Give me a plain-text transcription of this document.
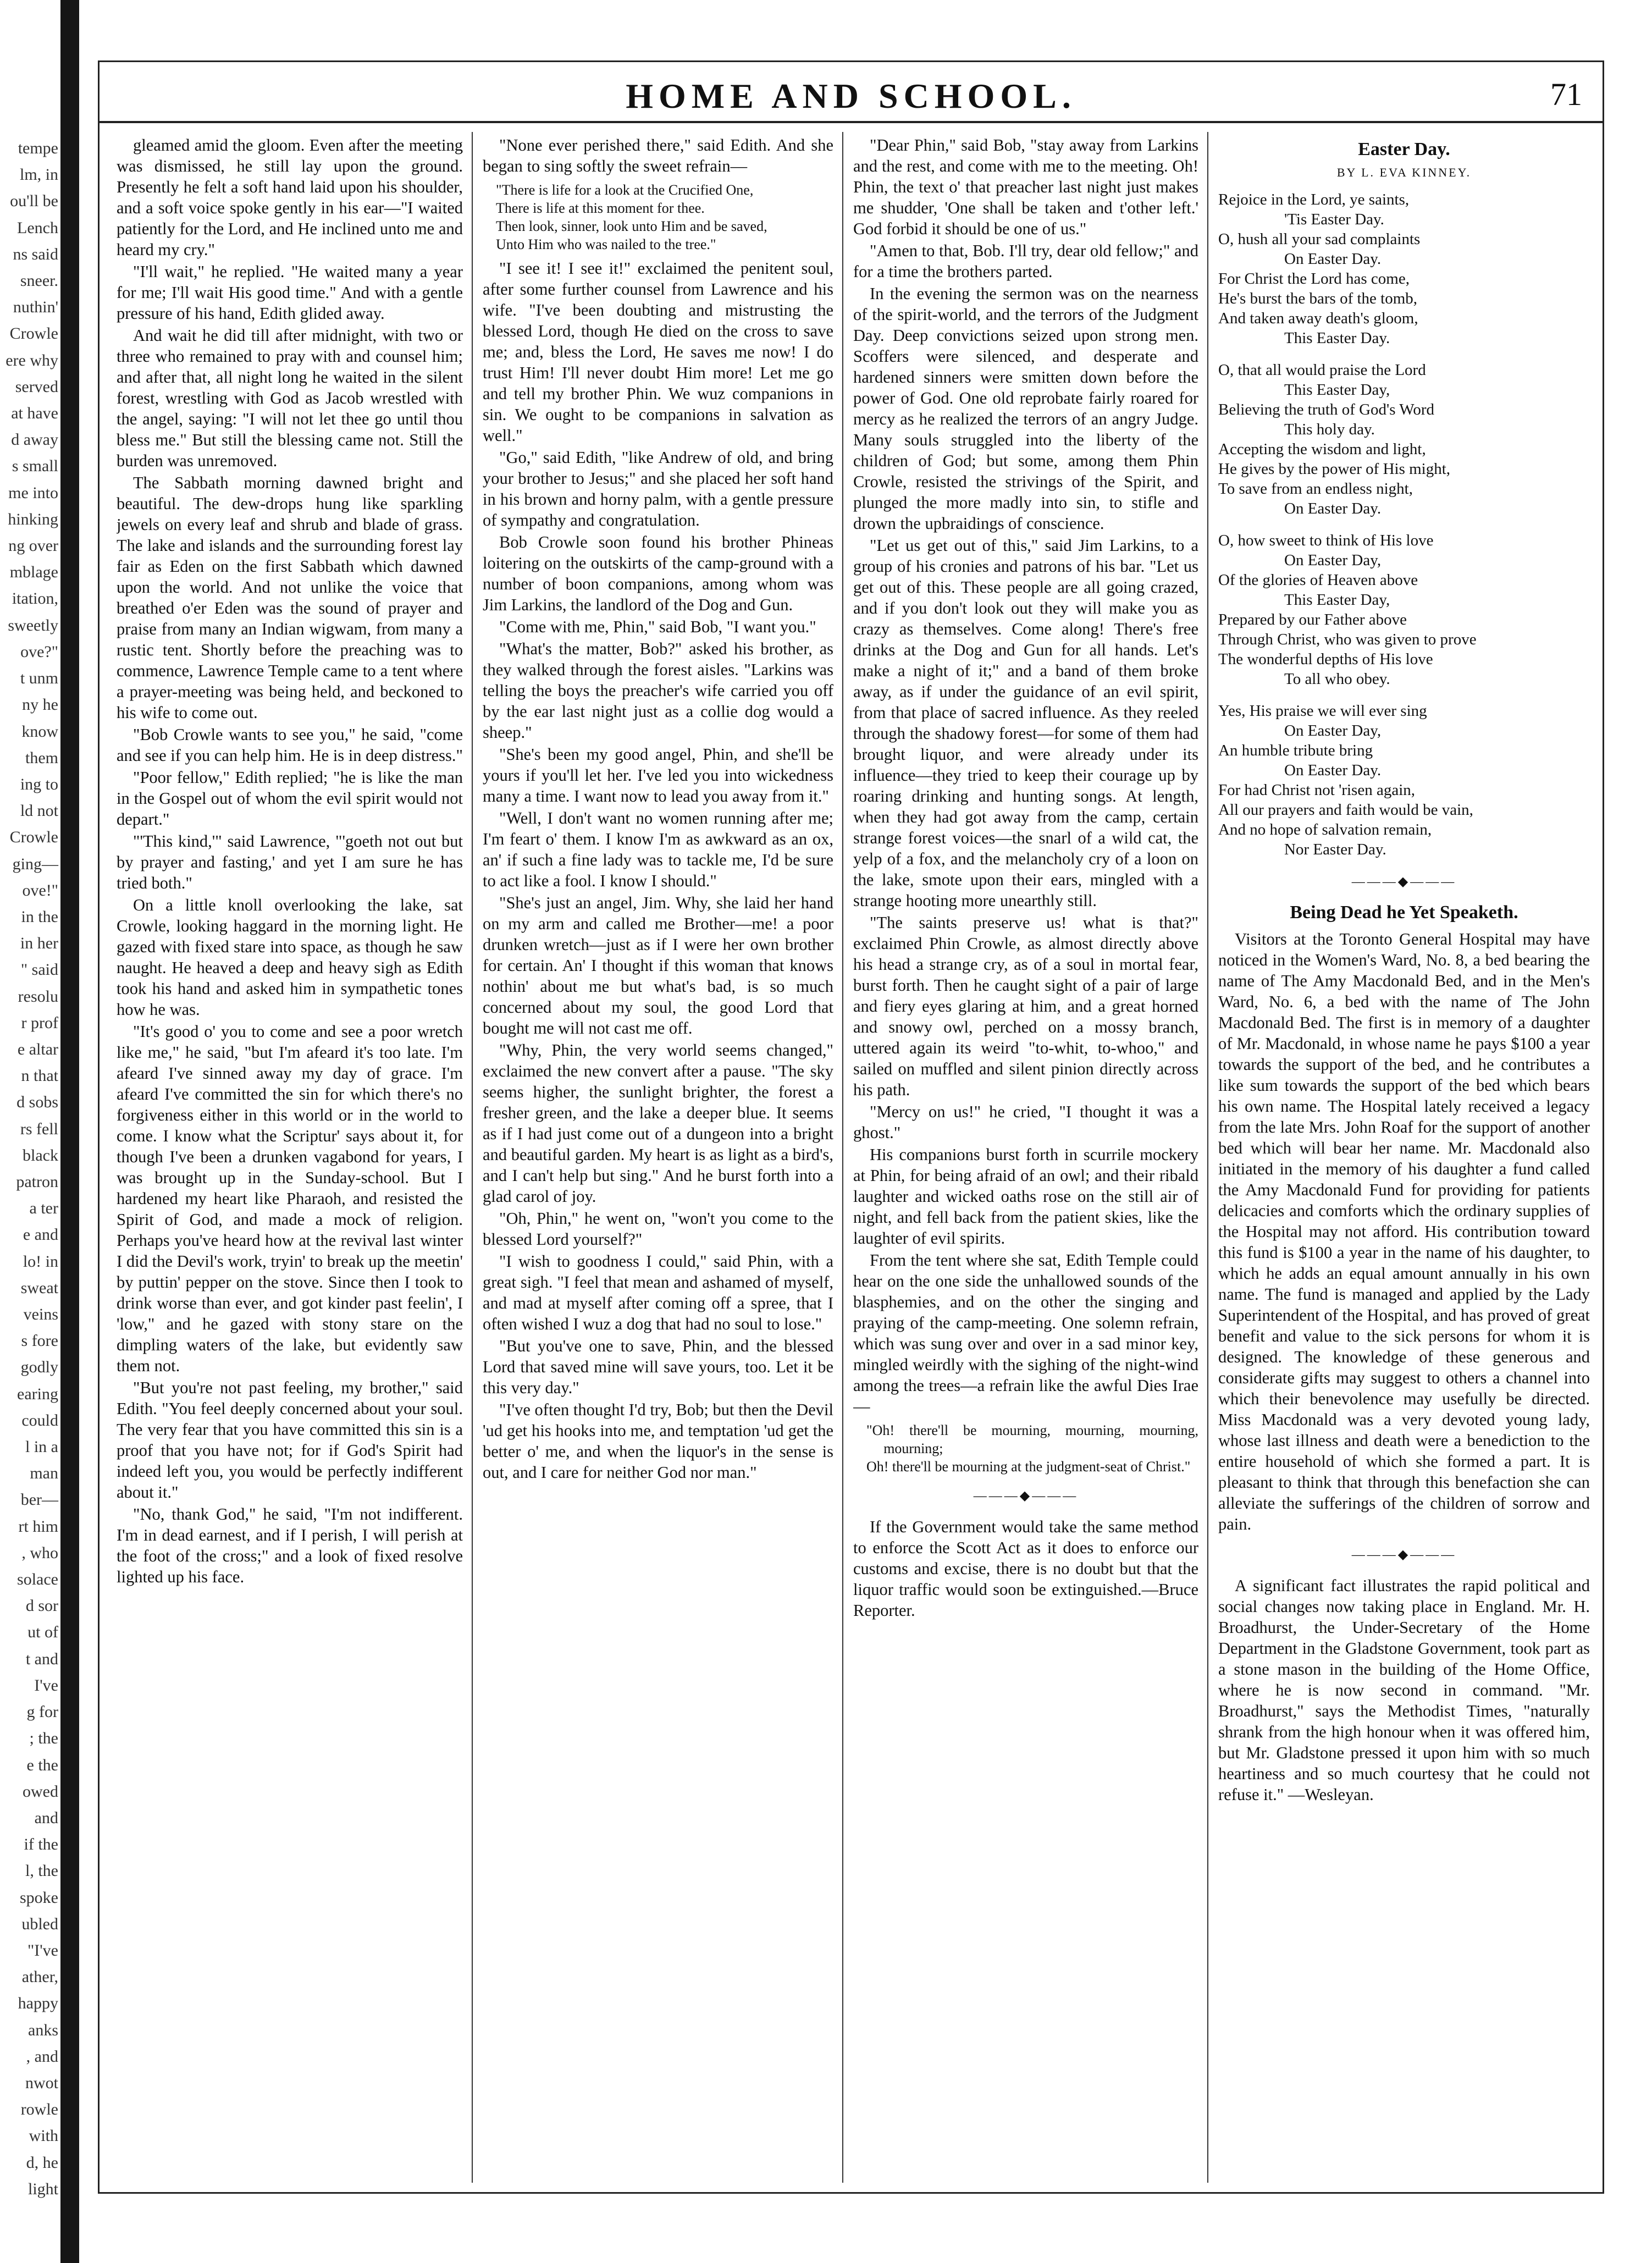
tempe
lm, in
ou'll be
Lench
ns said
sneer.
nuthin'
Crowle
ere why
served
at have
d away
s small
me into
hinking
ng over
mblage
itation,
sweetly
ove?"
t unm
ny he
know
them
ing to
ld not
Crowle
ging—
ove!"
in the
in her
" said
resolu
r prof
e altar
n that
d sobs
rs fell
black
patron
a ter
e and
lo! in
sweat
veins
s fore
godly
earing
could
l in a
man
ber—
rt him
, who
solace
d sor
ut of
t and
I've
g for
; the
e the
owed
and
if the
l, the
spoke
ubled
"I've
ather,
happy
anks
, and
nwot
rowle
with
d, he
light
HOME AND SCHOOL.	71

gleamed amid the gloom. Even after the meeting was dismissed, he still lay upon the ground. Presently he felt a soft hand laid upon his shoulder, and a soft voice spoke gently in his ear—"I waited patiently for the Lord, and He inclined unto me and heard my cry."

"I'll wait," he replied. "He waited many a year for me; I'll wait His good time." And with a gentle pressure of his hand, Edith glided away.

And wait he did till after midnight, with two or three who remained to pray with and counsel him; and after that, all night long he waited in the silent forest, wrestling with God as Jacob wrestled with the angel, saying: "I will not let thee go until thou bless me." But still the blessing came not. Still the burden was unremoved.

The Sabbath morning dawned bright and beautiful. The dew-drops hung like sparkling jewels on every leaf and shrub and blade of grass. The lake and islands and the surrounding forest lay fair as Eden on the first Sabbath which dawned upon the world. And not unlike the voice that breathed o'er Eden was the sound of prayer and praise from many an Indian wigwam, from many a rustic tent. Shortly before the preaching was to commence, Lawrence Temple came to a tent where a prayer-meeting was being held, and beckoned to his wife to come out.

"Bob Crowle wants to see you," he said, "come and see if you can help him. He is in deep distress."

"Poor fellow," Edith replied; "he is like the man in the Gospel out of whom the evil spirit would not depart."

"'This kind,'" said Lawrence, "'goeth not out but by prayer and fasting,' and yet I am sure he has tried both."

On a little knoll overlooking the lake, sat Crowle, looking haggard in the morning light. He gazed with fixed stare into space, as though he saw naught. He heaved a deep and heavy sigh as Edith took his hand and asked him in sympathetic tones how he was.

"It's good o' you to come and see a poor wretch like me," he said, "but I'm afeard it's too late. I'm afeard I've sinned away my day of grace. I'm afeard I've committed the sin for which there's no forgiveness either in this world or in the world to come. I know what the Scriptur' says about it, for though I've been a drunken vagabond for years, I was brought up in the Sunday-school. But I hardened my heart like Pharaoh, and resisted the Spirit of God, and made a mock of religion. Perhaps you've heard how at the revival last winter I did the Devil's work, tryin' to break up the meetin' by puttin' pepper on the stove. Since then I took to drink worse than ever, and got kinder past feelin', I 'low," and he gazed with stony stare on the dimpling waters of the lake, but evidently saw them not.

"But you're not past feeling, my brother," said Edith. "You feel deeply concerned about your soul. The very fear that you have committed this sin is a proof that you have not; for if God's Spirit had indeed left you, you would be perfectly indifferent about it."

"No, thank God," he said, "I'm not indifferent. I'm in dead earnest, and if I perish, I will perish at the foot of the cross;" and a look of fixed resolve lighted up his face.

"None ever perished there," said Edith. And she began to sing softly the sweet refrain—

"There is life for a look at the Crucified One,
There is life at this moment for thee.
Then look, sinner, look unto Him and be saved,
Unto Him who was nailed to the tree."

"I see it! I see it!" exclaimed the penitent soul, after some further counsel from Lawrence and his wife. "I've been doubting and mistrusting the blessed Lord, though He died on the cross to save me; and, bless the Lord, He saves me now! I do trust Him! I'll never doubt Him more! Let me go and tell my brother Phin. We wuz companions in sin. We ought to be companions in salvation as well."

"Go," said Edith, "like Andrew of old, and bring your brother to Jesus;" and she placed her soft hand in his brown and horny palm, with a gentle pressure of sympathy and congratulation.

Bob Crowle soon found his brother Phineas loitering on the outskirts of the camp-ground with a number of boon companions, among whom was Jim Larkins, the landlord of the Dog and Gun.

"Come with me, Phin," said Bob, "I want you."

"What's the matter, Bob?" asked his brother, as they walked through the forest aisles. "Larkins was telling the boys the preacher's wife carried you off by the ear last night just as a collie dog would a sheep."

"She's been my good angel, Phin, and she'll be yours if you'll let her. I've led you into wickedness many a time. I want now to lead you away from it."

"Well, I don't want no women running after me; I'm feart o' them. I know I'm as awkward as an ox, an' if such a fine lady was to tackle me, I'd be sure to act like a fool. I know I should."

"She's just an angel, Jim. Why, she laid her hand on my arm and called me Brother—me! a poor drunken wretch—just as if I were her own brother for certain. An' I thought if this woman that knows nothin' about me but what's bad, is so much concerned about my soul, the good Lord that bought me will not cast me off.

"Why, Phin, the very world seems changed," exclaimed the new convert after a pause. "The sky seems higher, the sunlight brighter, the forest a fresher green, and the lake a deeper blue. It seems as if I had just come out of a dungeon into a bright and beautiful garden. My heart is as light as a bird's, and I can't help but sing." And he burst forth into a glad carol of joy.

"Oh, Phin," he went on, "won't you come to the blessed Lord yourself?"

"I wish to goodness I could," said Phin, with a great sigh. "I feel that mean and ashamed of myself, and mad at myself after coming off a spree, that I often wished I wuz a dog that had no soul to lose."

"But you've one to save, Phin, and the blessed Lord that saved mine will save yours, too. Let it be this very day."

"I've often thought I'd try, Bob; but then the Devil 'ud get his hooks into me, and temptation 'ud get the better o' me, and when the liquor's in the sense is out, and I care for neither God nor man."

"Dear Phin," said Bob, "stay away from Larkins and the rest, and come with me to the meeting. Oh! Phin, the text o' that preacher last night just makes me shudder, 'One shall be taken and t'other left.' God forbid it should be one of us."

"Amen to that, Bob. I'll try, dear old fellow;" and for a time the brothers parted.

In the evening the sermon was on the nearness of the spirit-world, and the terrors of the Judgment Day. Deep convictions seized upon strong men. Scoffers were silenced, and desperate and hardened sinners were smitten down before the power of God. One old reprobate fairly roared for mercy as he realized the terrors of an angry Judge. Many souls struggled into the liberty of the children of God; but some, among them Phin Crowle, resisted the strivings of the Spirit, and plunged the more madly into sin, to stifle and drown the upbraidings of conscience.

"Let us get out of this," said Jim Larkins, to a group of his cronies and patrons of his bar. "Let us get out of this. These people are all going crazed, and if you don't look out they will make you as crazy as themselves. Come along! There's free drinks at the Dog and Gun for all hands. Let's make a night of it;" and a band of them broke away, as if under the guidance of an evil spirit, from that place of sacred influence. As they reeled through the shadowy forest—for some of them had brought liquor, and were already under its influence—they tried to keep their courage up by roaring drinking and hunting songs. At length, when they had got away from the camp, certain strange forest voices—the snarl of a wild cat, the yelp of a fox, and the melancholy cry of a loon on the lake, smote upon their ears, mingled with a strange hooting more unearthly still.

"The saints preserve us! what is that?" exclaimed Phin Crowle, as almost directly above his head a strange cry, as of a soul in mortal fear, burst forth. Then he caught sight of a pair of large and fiery eyes glaring at him, and a great horned and snowy owl, perched on a mossy branch, uttered again its weird "to-whit, to-whoo," and sailed on muffled and silent pinion directly across his path.

"Mercy on us!" he cried, "I thought it was a ghost."

His companions burst forth in scurrile mockery at Phin, for being afraid of an owl; and their ribald laughter and wicked oaths rose on the still air of night, and fell back from the patient skies, like the laughter of evil spirits.

From the tent where she sat, Edith Temple could hear on the one side the unhallowed sounds of the blasphemies, and on the other the singing and praying of the camp-meeting. One solemn refrain, which was sung over and over in a sad minor key, mingled weirdly with the sighing of the night-wind among the trees—a refrain like the awful Dies Irae—

"Oh! there'll be mourning, mourning, mourning, mourning;
Oh! there'll be mourning at the judgment-seat of Christ."
———◆———

If the Government would take the same method to enforce the Scott Act as it does to enforce our customs and excise, there is no doubt but that the liquor traffic would soon be extinguished.—Bruce Reporter.

Easter Day.
BY L. EVA KINNEY.
Rejoice in the Lord, ye saints,
'Tis Easter Day.
O, hush all your sad complaints
On Easter Day.
For Christ the Lord has come,
He's burst the bars of the tomb,
And taken away death's gloom,
This Easter Day.
O, that all would praise the Lord
This Easter Day,
Believing the truth of God's Word
This holy day.
Accepting the wisdom and light,
He gives by the power of His might,
To save from an endless night,
On Easter Day.
O, how sweet to think of His love
On Easter Day,
Of the glories of Heaven above
This Easter Day,
Prepared by our Father above
Through Christ, who was given to prove
The wonderful depths of His love
To all who obey.
Yes, His praise we will ever sing
On Easter Day,
An humble tribute bring
On Easter Day.
For had Christ not 'risen again,
All our prayers and faith would be vain,
And no hope of salvation remain,
Nor Easter Day.
———◆———
Being Dead he Yet Speaketh.

Visitors at the Toronto General Hospital may have noticed in the Women's Ward, No. 8, a bed bearing the name of The Amy Macdonald Bed, and in the Men's Ward, No. 6, a bed with the name of The John Macdonald Bed. The first is in memory of a daughter of Mr. Macdonald, in whose name he pays $100 a year towards the support of the bed, and he contributes a like sum towards the support of the bed which bears his own name. The Hospital lately received a legacy from the late Mrs. John Roaf for the support of another bed which will bear her name. Mr. Macdonald also initiated in the memory of his daughter a fund called the Amy Macdonald Fund for providing for patients delicacies and comforts which the ordinary supplies of the Hospital may not afford. His contribution toward this fund is $100 a year in the name of his daughter, to which he adds an equal amount annually in his own name. The fund is managed and applied by the Lady Superintendent of the Hospital, and has proved of great benefit and value to the sick persons for whom it is designed. The knowledge of these generous and considerate gifts may suggest to others a channel into which their benevolence may usefully be directed. Miss Macdonald was a very devoted young lady, whose last illness and death were a benediction to the entire household of which she formed a part. It is pleasant to think that through this benefaction she can alleviate the sufferings of the children of sorrow and pain.

———◆———

A significant fact illustrates the rapid political and social changes now taking place in England. Mr. H. Broadhurst, the Under-Secretary of the Home Department in the Gladstone Government, took part as a stone mason in the building of the Home Office, where he is now second in command. "Mr. Broadhurst," says the Methodist Times, "naturally shrank from the high honour when it was offered him, but Mr. Gladstone pressed it upon him with so much heartiness and so much courtesy that he could not refuse it." —Wesleyan.
